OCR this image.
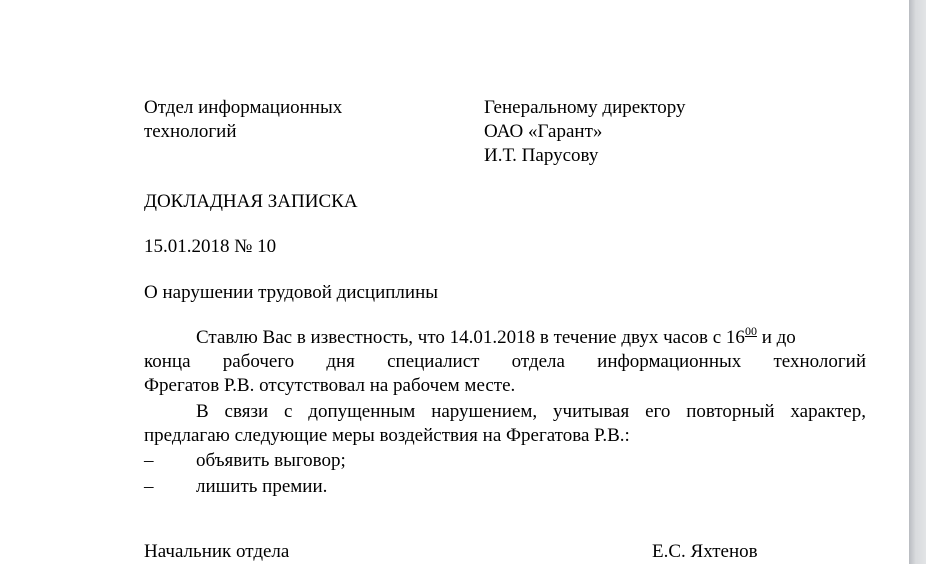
Отдел информационных
технологий
Генеральному директору
ОАО «Гарант»
И.Т. Парусову
ДОКЛАДНАЯ ЗАПИСКА
15.01.2018 № 10
О нарушении трудовой дисциплины
Ставлю Вас в известность, что 14.01.2018 в течение двух часов с $16^{00}$ и до
конца рабочего дня специалист отдела информационных технологий
Фрегатов Р.В. отсутствовал на рабочем месте.
В связи с допущенным нарушением, учитывая его повторный характер,
предлагаю следующие меры воздействия на Фрегатова Р.В.:
– объявить выговор;
– лишить премии.
Начальник отдела	Е.С. Яхтенов
